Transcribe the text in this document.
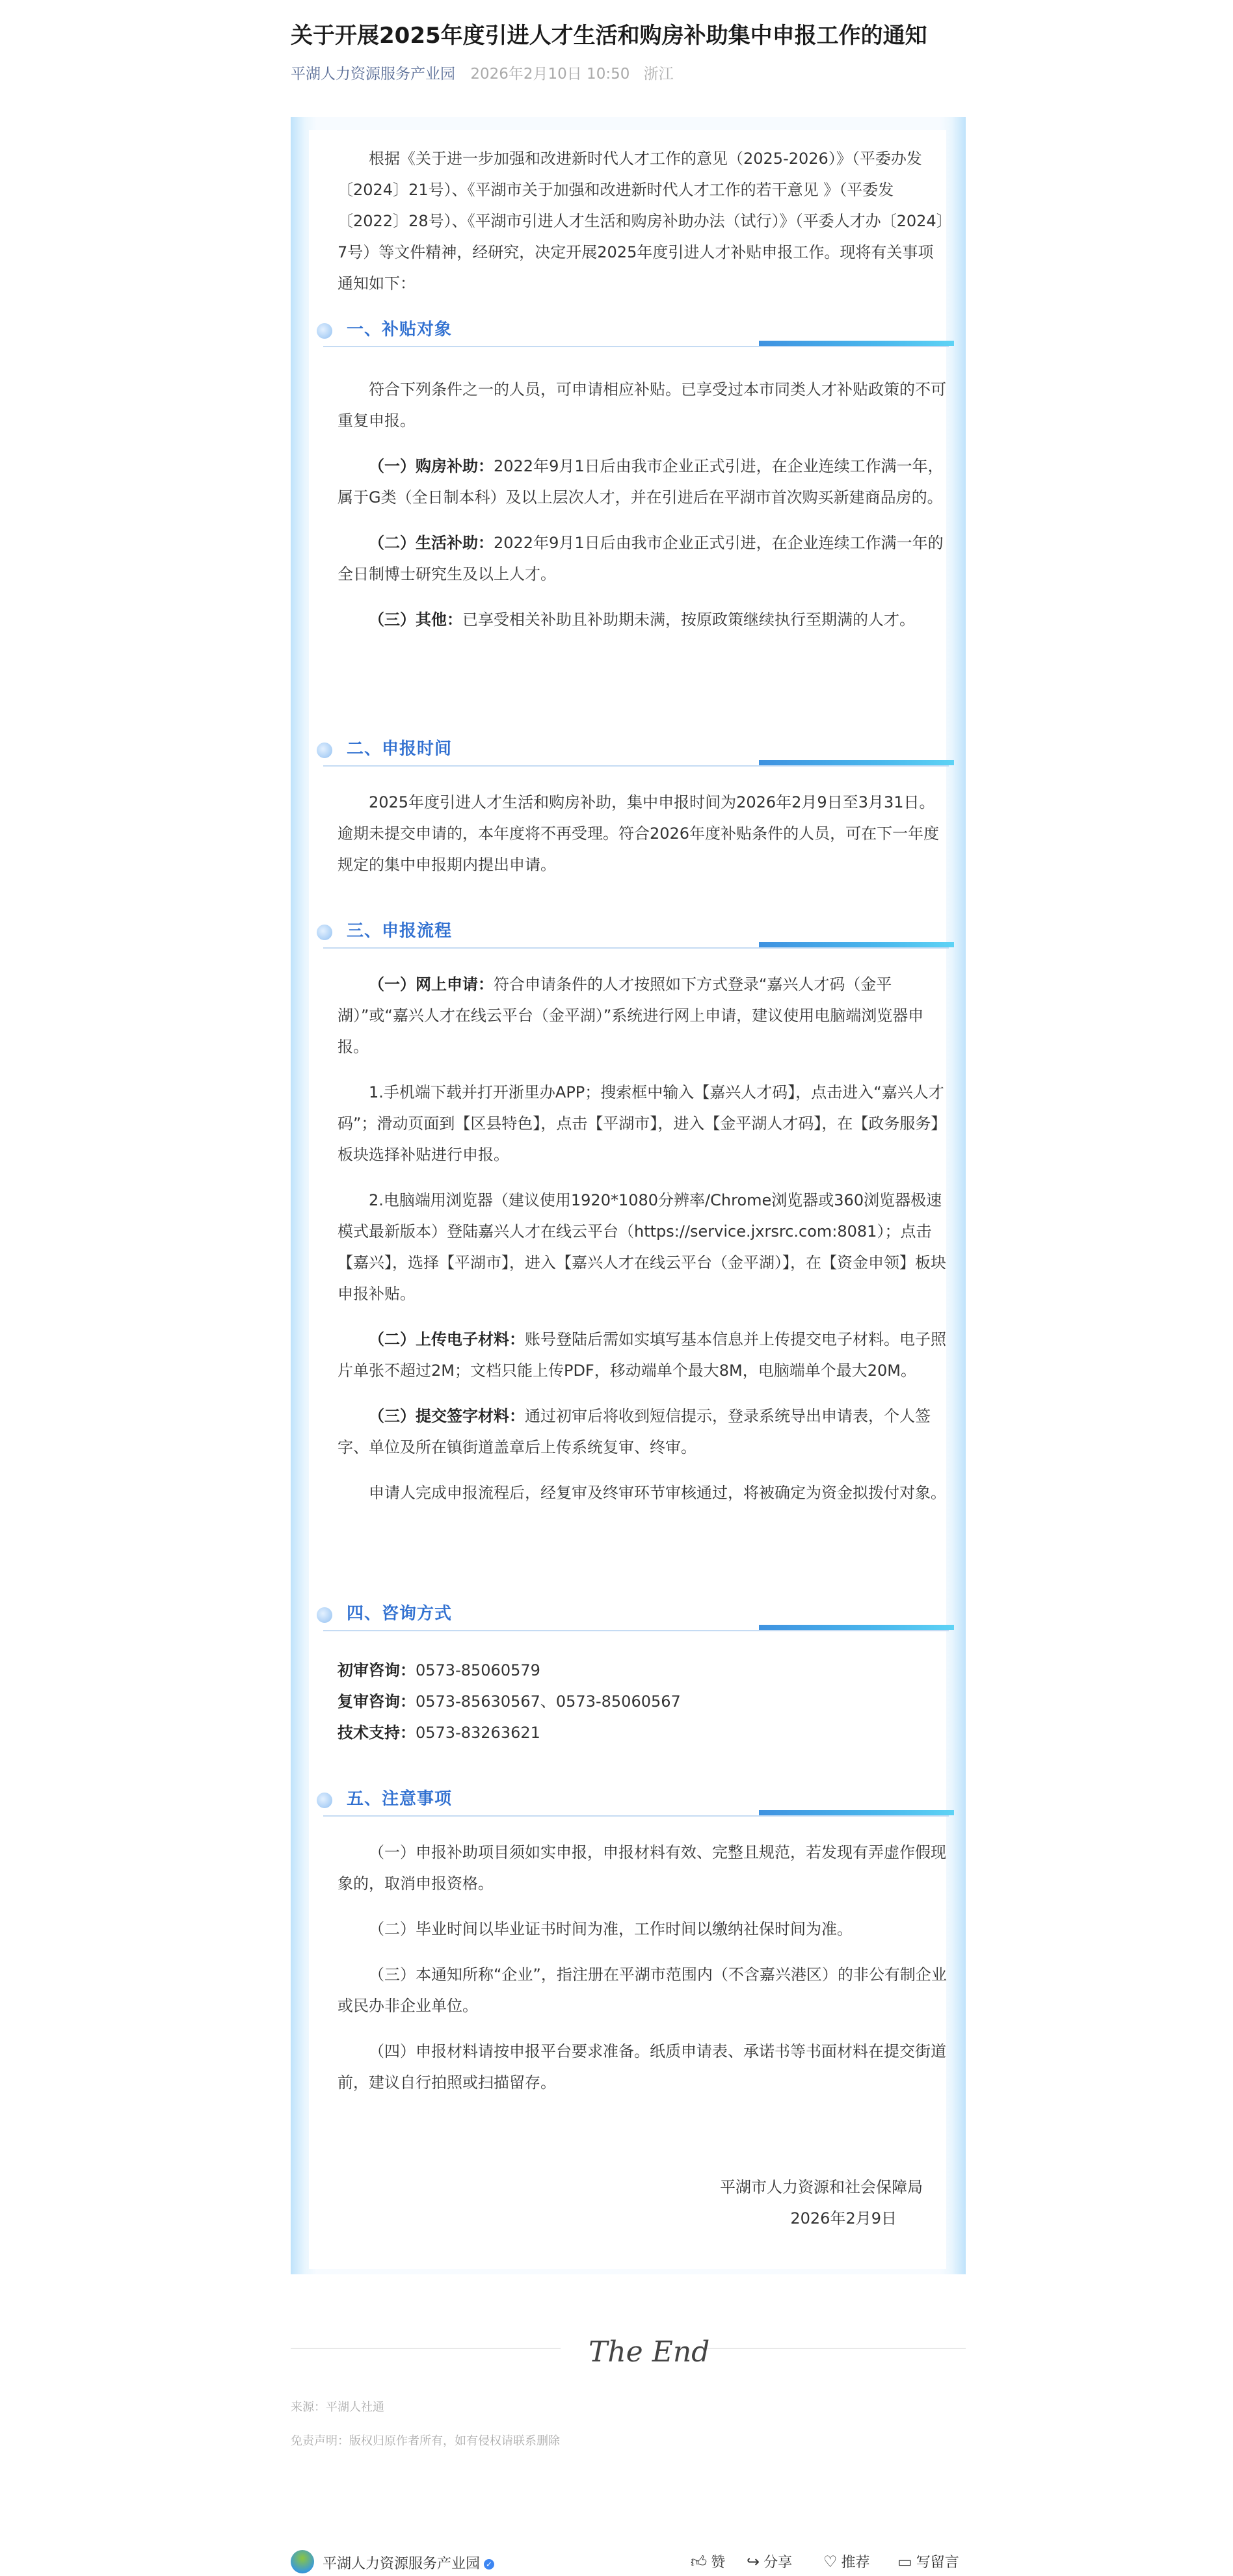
关于开展2025年度引进人才生活和购房补助集中申报工作的通知
平湖人力资源服务产业园 2026年2月10日 10:50 浙江

根据《关于进一步加强和改进新时代人才工作的意见（2025-2026）》（平委办发〔2024〕21号）、《平湖市关于加强和改进新时代人才工作的若干意见 》（平委发〔2022〕28号）、《平湖市引进人才生活和购房补助办法（试行）》（平委人才办〔2024〕7号）等文件精神，经研究，决定开展2025年度引进人才补贴申报工作。现将有关事项通知如下：

一、补贴对象

符合下列条件之一的人员，可申请相应补贴。已享受过本市同类人才补贴政策的不可重复申报。

（一）购房补助：2022年9月1日后由我市企业正式引进，在企业连续工作满一年，属于G类（全日制本科）及以上层次人才，并在引进后在平湖市首次购买新建商品房的。

（二）生活补助：2022年9月1日后由我市企业正式引进，在企业连续工作满一年的全日制博士研究生及以上人才。

（三）其他：已享受相关补助且补助期未满，按原政策继续执行至期满的人才。

二、申报时间

2025年度引进人才生活和购房补助，集中申报时间为2026年2月9日至3月31日。逾期未提交申请的，本年度将不再受理。符合2026年度补贴条件的人员，可在下一年度规定的集中申报期内提出申请。

三、申报流程

（一）网上申请：符合申请条件的人才按照如下方式登录“嘉兴人才码（金平湖）”或“嘉兴人才在线云平台（金平湖）”系统进行网上申请，建议使用电脑端浏览器申报。

1.手机端下载并打开浙里办APP；搜索框中输入【嘉兴人才码】，点击进入“嘉兴人才码”；滑动页面到【区县特色】，点击【平湖市】，进入【金平湖人才码】，在【政务服务】板块选择补贴进行申报。

2.电脑端用浏览器（建议使用1920*1080分辨率/Chrome浏览器或360浏览器极速模式最新版本）登陆嘉兴人才在线云平台（https://service.jxrsrc.com:8081）；点击【嘉兴】，选择【平湖市】，进入【嘉兴人才在线云平台（金平湖）】，在【资金申领】板块申报补贴。

（二）上传电子材料：账号登陆后需如实填写基本信息并上传提交电子材料。电子照片单张不超过2M；文档只能上传PDF，移动端单个最大8M，电脑端单个最大20M。

（三）提交签字材料：通过初审后将收到短信提示，登录系统导出申请表，个人签字、单位及所在镇街道盖章后上传系统复审、终审。

申请人完成申报流程后，经复审及终审环节审核通过，将被确定为资金拟拨付对象。

四、咨询方式

初审咨询：0573-85060579

复审咨询：0573-85630567、0573-85060567

技术支持：0573-83263621

五、注意事项

（一）申报补助项目须如实申报，申报材料有效、完整且规范，若发现有弄虚作假现象的，取消申报资格。

（二）毕业时间以毕业证书时间为准，工作时间以缴纳社保时间为准。

（三）本通知所称“企业”，指注册在平湖市范围内（不含嘉兴港区）的非公有制企业或民办非企业单位。

（四）申报材料请按申报平台要求准备。纸质申请表、承诺书等书面材料在提交街道前，建议自行拍照或扫描留存。

平湖市人力资源和社会保障局

2026年2月9日

The End
来源：平湖人社通
免责声明：版权归原作者所有，如有侵权请联系删除
平湖人力资源服务产业园 ✓	👍︎ 赞 ↪ 分享 ♡ 推荐 ▭ 写留言
